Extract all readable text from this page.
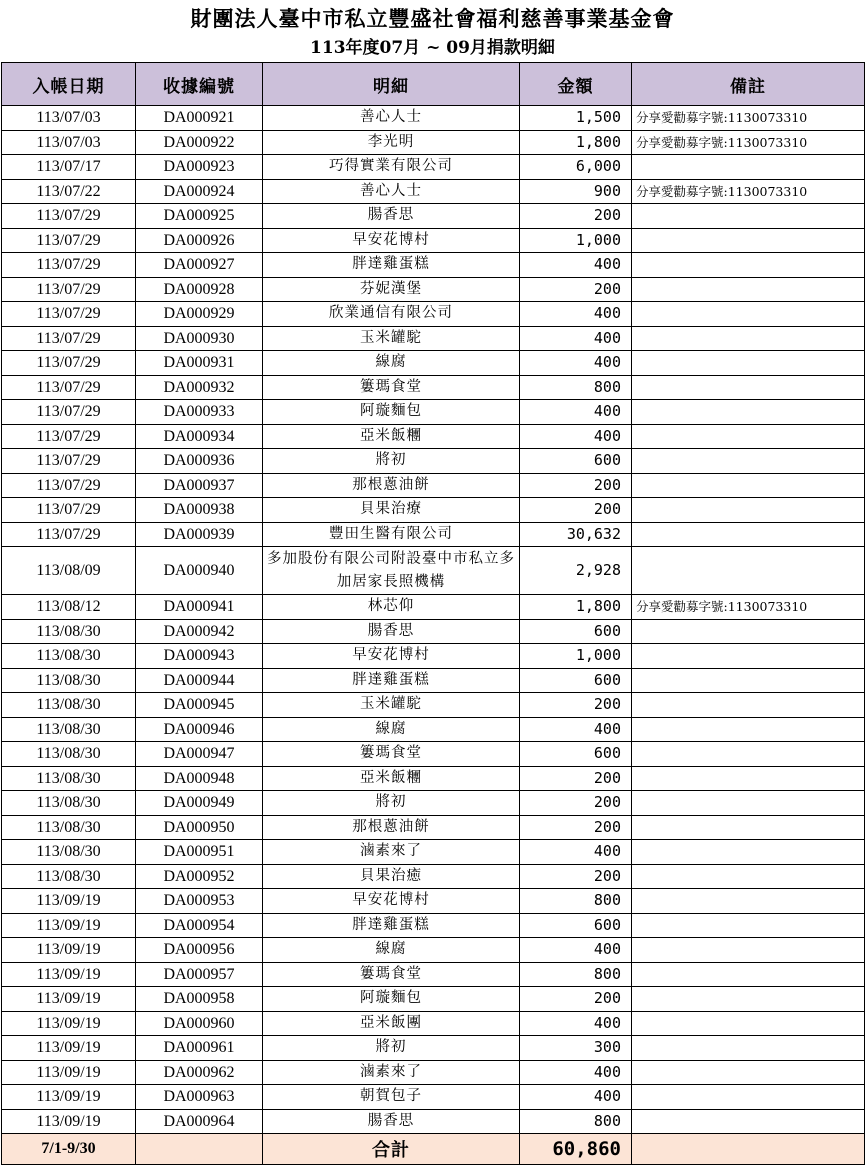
財團法人臺中市私立豐盛社會福利慈善事業基金會
113年度07月 ~ 09月捐款明細
入帳日期	收據編號	明細	金額	備註
113/07/03	DA000921	善心人士	1,500	分享愛勸募字號:1130073310
113/07/03	DA000922	李光明	1,800	分享愛勸募字號:1130073310
113/07/17	DA000923	巧得實業有限公司	6,000	
113/07/22	DA000924	善心人士	900	分享愛勸募字號:1130073310
113/07/29	DA000925	腸香思	200	
113/07/29	DA000926	早安花博村	1,000	
113/07/29	DA000927	胖達雞蛋糕	400	
113/07/29	DA000928	芬妮漢堡	200	
113/07/29	DA000929	欣業通信有限公司	400	
113/07/29	DA000930	玉米罐駝	400	
113/07/29	DA000931	線腐	400	
113/07/29	DA000932	簍瑪食堂	800	
113/07/29	DA000933	阿璇麵包	400	
113/07/29	DA000934	亞米飯糰	400	
113/07/29	DA000936	將初	600	
113/07/29	DA000937	那根蔥油餅	200	
113/07/29	DA000938	貝果治療	200	
113/07/29	DA000939	豐田生醫有限公司	30,632	
113/08/09	DA000940	多加股份有限公司附設臺中市私立多加居家長照機構	2,928	
113/08/12	DA000941	林芯仰	1,800	分享愛勸募字號:1130073310
113/08/30	DA000942	腸香思	600	
113/08/30	DA000943	早安花博村	1,000	
113/08/30	DA000944	胖達雞蛋糕	600	
113/08/30	DA000945	玉米罐駝	200	
113/08/30	DA000946	線腐	400	
113/08/30	DA000947	簍瑪食堂	600	
113/08/30	DA000948	亞米飯糰	200	
113/08/30	DA000949	將初	200	
113/08/30	DA000950	那根蔥油餅	200	
113/08/30	DA000951	滷素來了	400	
113/08/30	DA000952	貝果治癒	200	
113/09/19	DA000953	早安花博村	800	
113/09/19	DA000954	胖達雞蛋糕	600	
113/09/19	DA000956	線腐	400	
113/09/19	DA000957	簍瑪食堂	800	
113/09/19	DA000958	阿璇麵包	200	
113/09/19	DA000960	亞米飯團	400	
113/09/19	DA000961	將初	300	
113/09/19	DA000962	滷素來了	400	
113/09/19	DA000963	朝賀包子	400	
113/09/19	DA000964	腸香思	800	
7/1-9/30		合計	60,860	
